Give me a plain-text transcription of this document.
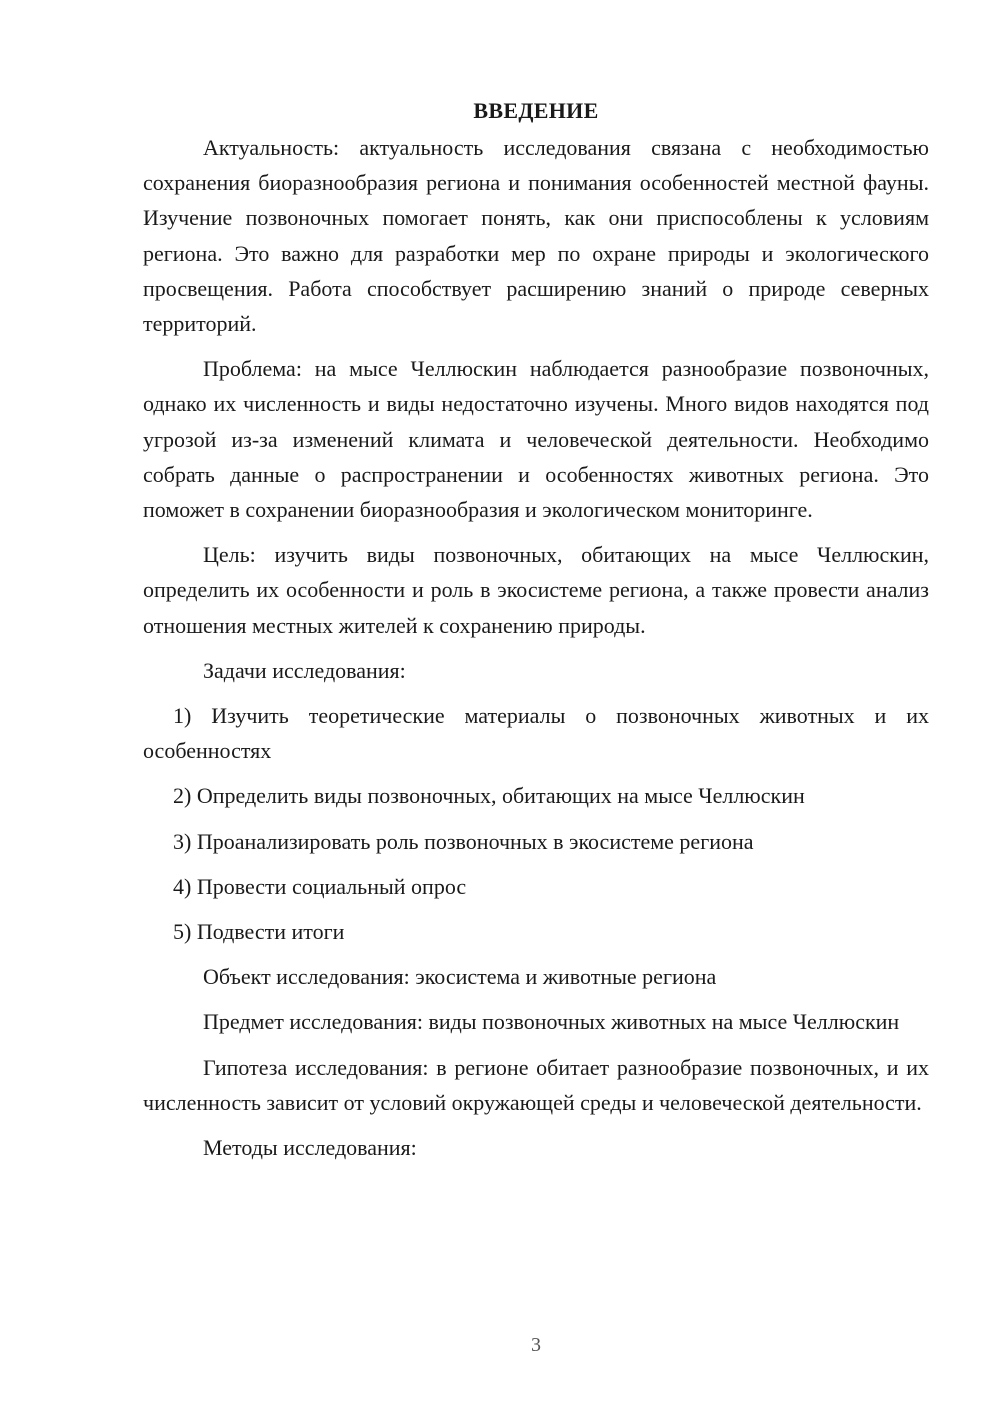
ВВЕДЕНИЕ

Актуальность: актуальность исследования связана с необходимостью сохранения биоразнообразия региона и понимания особенностей местной фауны. Изучение позвоночных помогает понять, как они приспособлены к условиям региона. Это важно для разработки мер по охране природы и экологического просвещения. Работа способствует расширению знаний о природе северных территорий.

Проблема: на мысе Челлюскин наблюдается разнообразие позвоночных, однако их численность и виды недостаточно изучены. Много видов находятся под угрозой из-за изменений климата и человеческой деятельности. Необходимо собрать данные о распространении и особенностях животных региона. Это поможет в сохранении биоразнообразия и экологическом мониторинге.

Цель: изучить виды позвоночных, обитающих на мысе Челлюскин, определить их особенности и роль в экосистеме региона, а также провести анализ отношения местных жителей к сохранению природы.

Задачи исследования:

1) Изучить теоретические материалы о позвоночных животных и их особенностях

2) Определить виды позвоночных, обитающих на мысе Челлюскин

3) Проанализировать роль позвоночных в экосистеме региона

4) Провести социальный опрос

5) Подвести итоги

Объект исследования: экосистема и животные региона

Предмет исследования: виды позвоночных животных на мысе Челлюскин

Гипотеза исследования: в регионе обитает разнообразие позвоночных, и их численность зависит от условий окружающей среды и человеческой деятельности.

Методы исследования:

3
